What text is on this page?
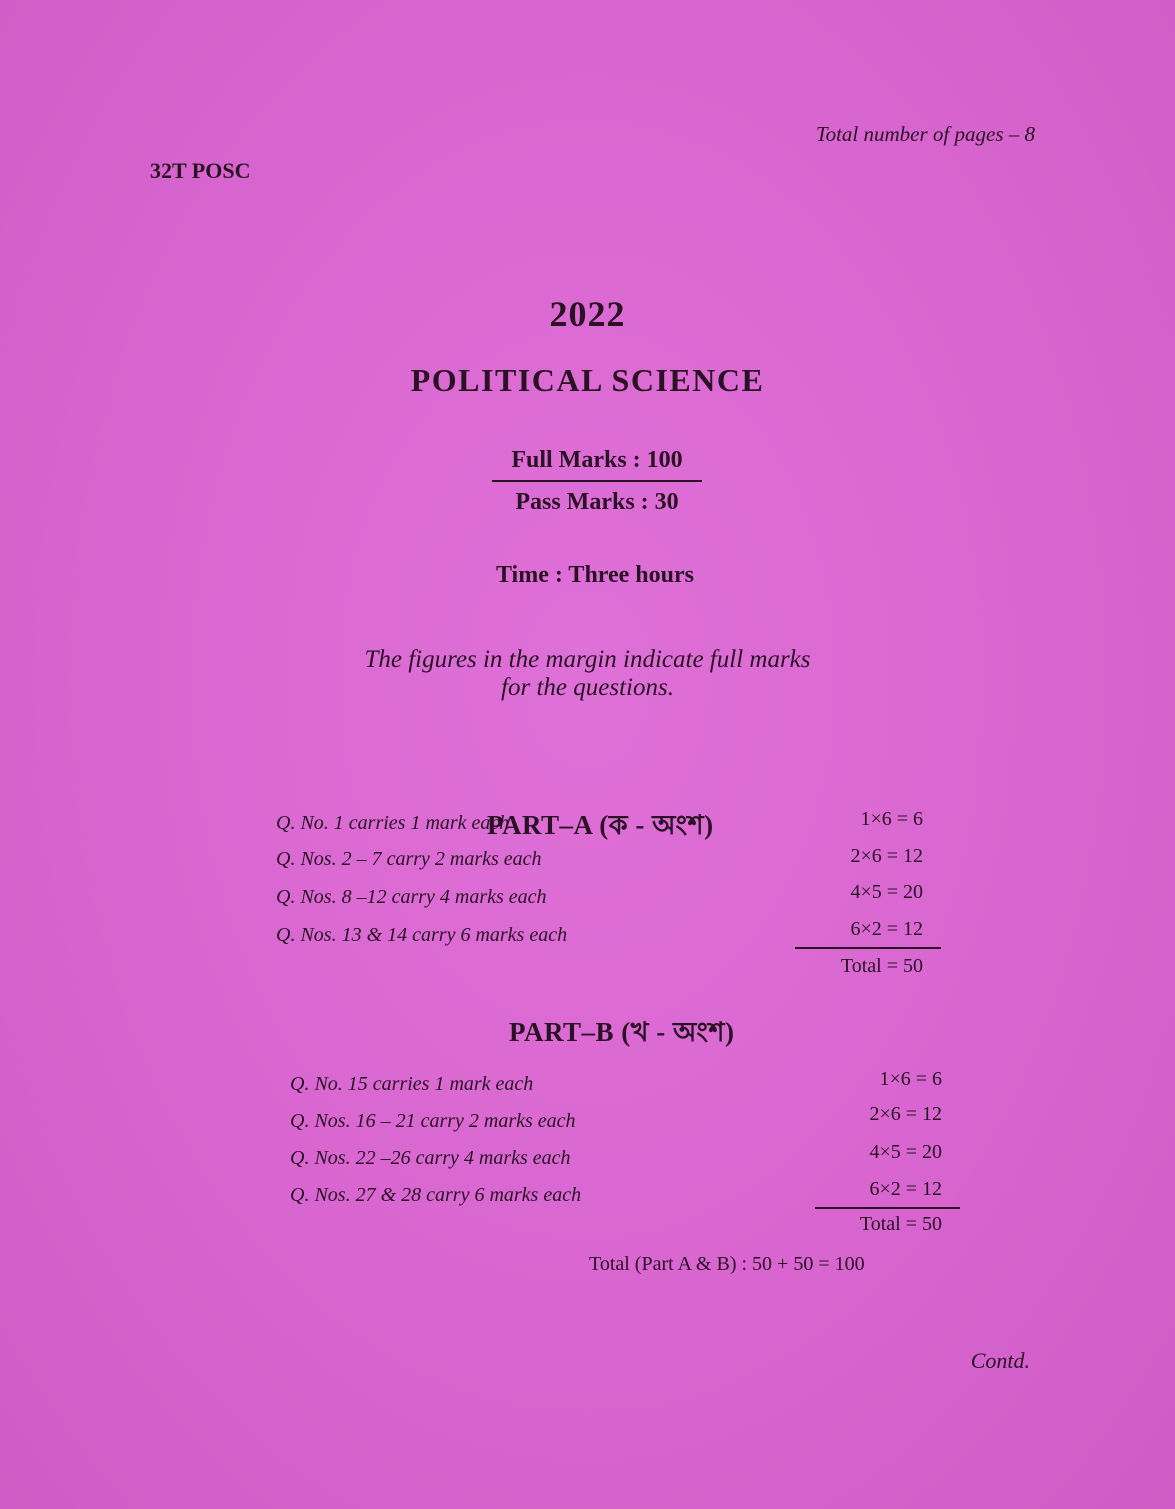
Total number of pages – 8
32T POSC
2022
POLITICAL SCIENCE
Full Marks : 100
Pass Marks : 30
Time : Three hours
The figures in the margin indicate full marks
for the questions.
PART–A (ক - অংশ)
Q. No. 1 carries 1 mark each	1×6 = 6
Q. Nos. 2 – 7 carry 2 marks each	2×6 = 12
Q. Nos. 8 –12 carry 4 marks each	4×5 = 20
Q. Nos. 13 & 14 carry 6 marks each	6×2 = 12
Total = 50
PART–B (খ - অংশ)
Q. No. 15 carries 1 mark each	1×6 = 6
Q. Nos. 16 – 21 carry 2 marks each	2×6 = 12
Q. Nos. 22 –26 carry 4 marks each	4×5 = 20
Q. Nos. 27 & 28 carry 6 marks each	6×2 = 12
Total = 50
Total (Part A & B) : 50 + 50 = 100
Contd.
